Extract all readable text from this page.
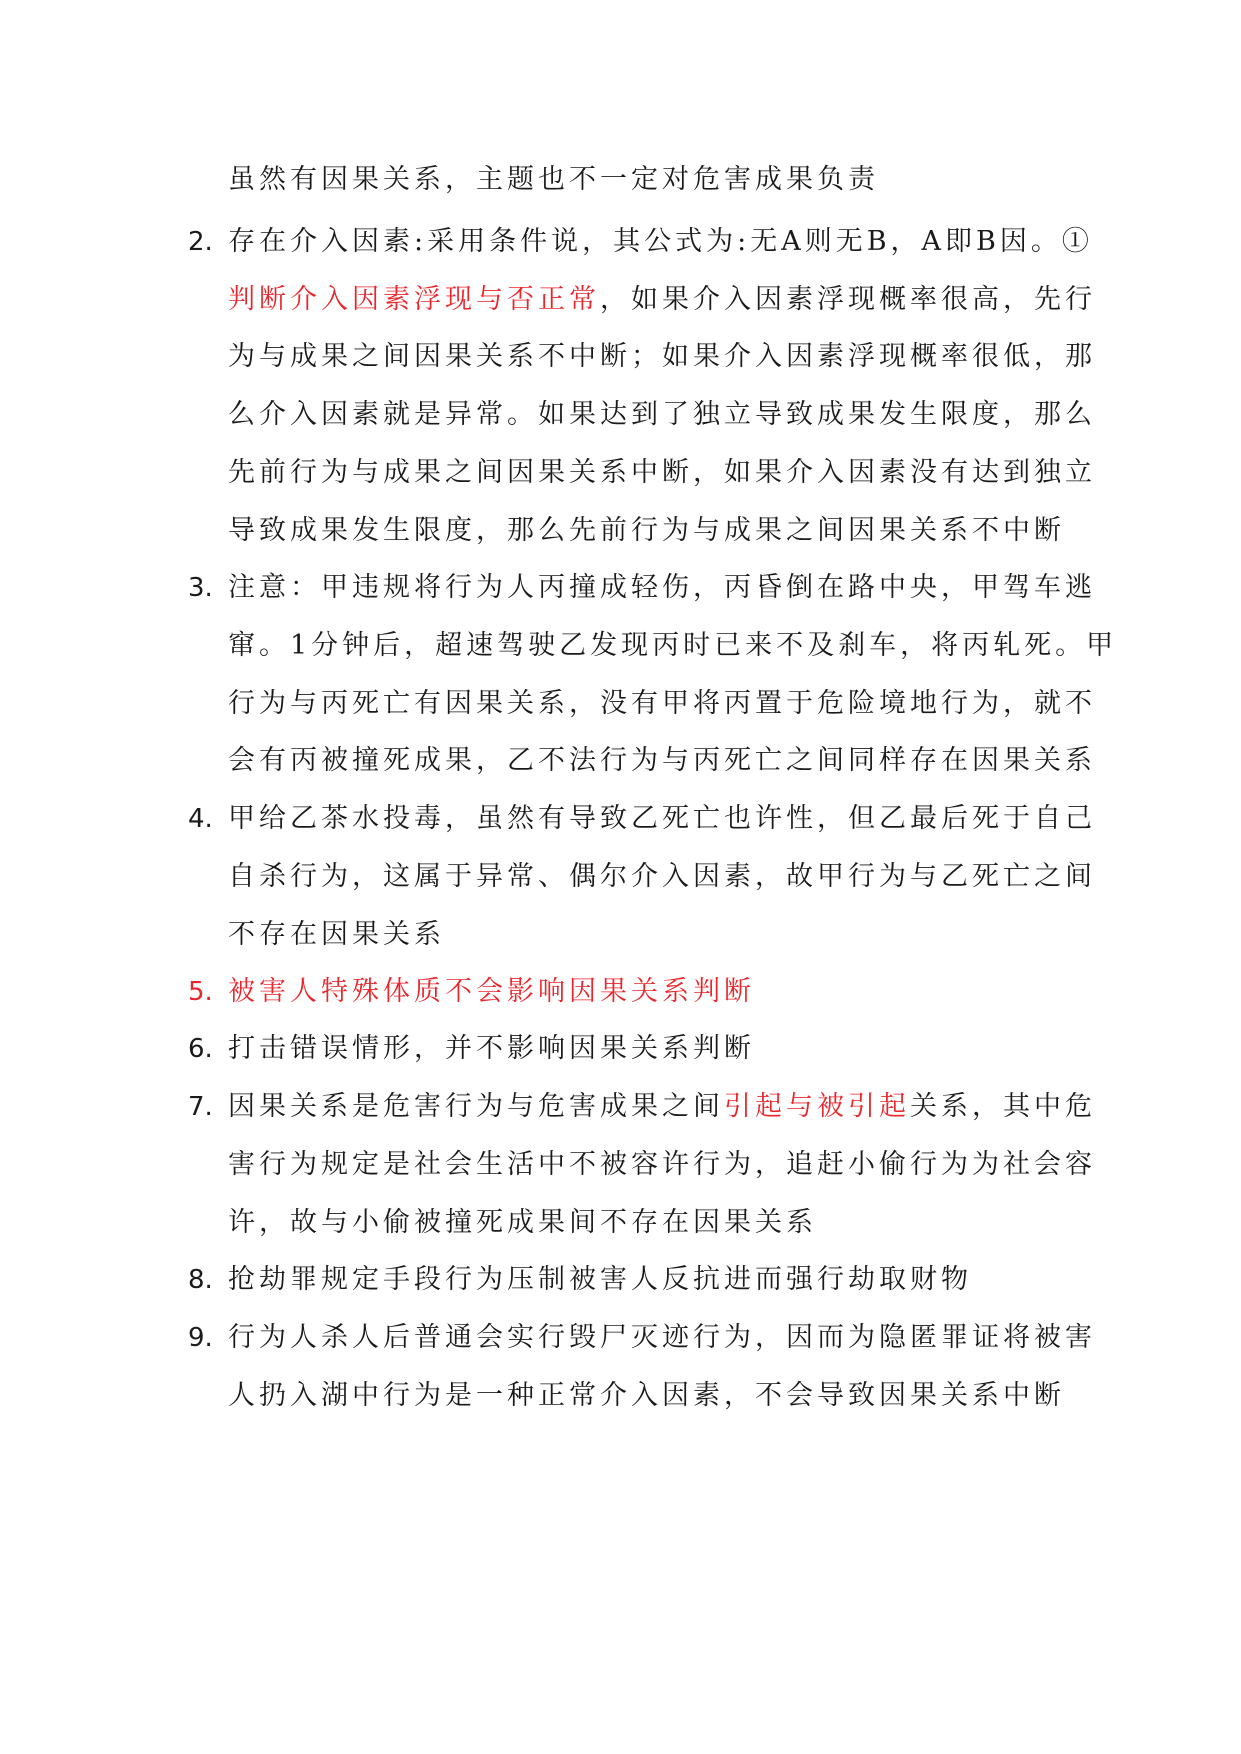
虽然有因果关系，主题也不一定对危害成果负责
2. 存在介入因素:采用条件说，其公式为:无A则无B，A即B因。①
判断介入因素浮现与否正常，如果介入因素浮现概率很高，先行
为与成果之间因果关系不中断；如果介入因素浮现概率很低，那
么介入因素就是异常。如果达到了独立导致成果发生限度，那么
先前行为与成果之间因果关系中断，如果介入因素没有达到独立
导致成果发生限度，那么先前行为与成果之间因果关系不中断
3. 注意：甲违规将行为人丙撞成轻伤，丙昏倒在路中央，甲驾车逃
窜。1分钟后，超速驾驶乙发现丙时已来不及刹车，将丙轧死。甲
行为与丙死亡有因果关系，没有甲将丙置于危险境地行为，就不
会有丙被撞死成果，乙不法行为与丙死亡之间同样存在因果关系
4. 甲给乙茶水投毒，虽然有导致乙死亡也许性，但乙最后死于自己
自杀行为，这属于异常、偶尔介入因素，故甲行为与乙死亡之间
不存在因果关系
5. 被害人特殊体质不会影响因果关系判断
6. 打击错误情形，并不影响因果关系判断
7. 因果关系是危害行为与危害成果之间引起与被引起关系，其中危
害行为规定是社会生活中不被容许行为，追赶小偷行为为社会容
许，故与小偷被撞死成果间不存在因果关系
8. 抢劫罪规定手段行为压制被害人反抗进而强行劫取财物
9. 行为人杀人后普通会实行毁尸灭迹行为，因而为隐匿罪证将被害
人扔入湖中行为是一种正常介入因素，不会导致因果关系中断
